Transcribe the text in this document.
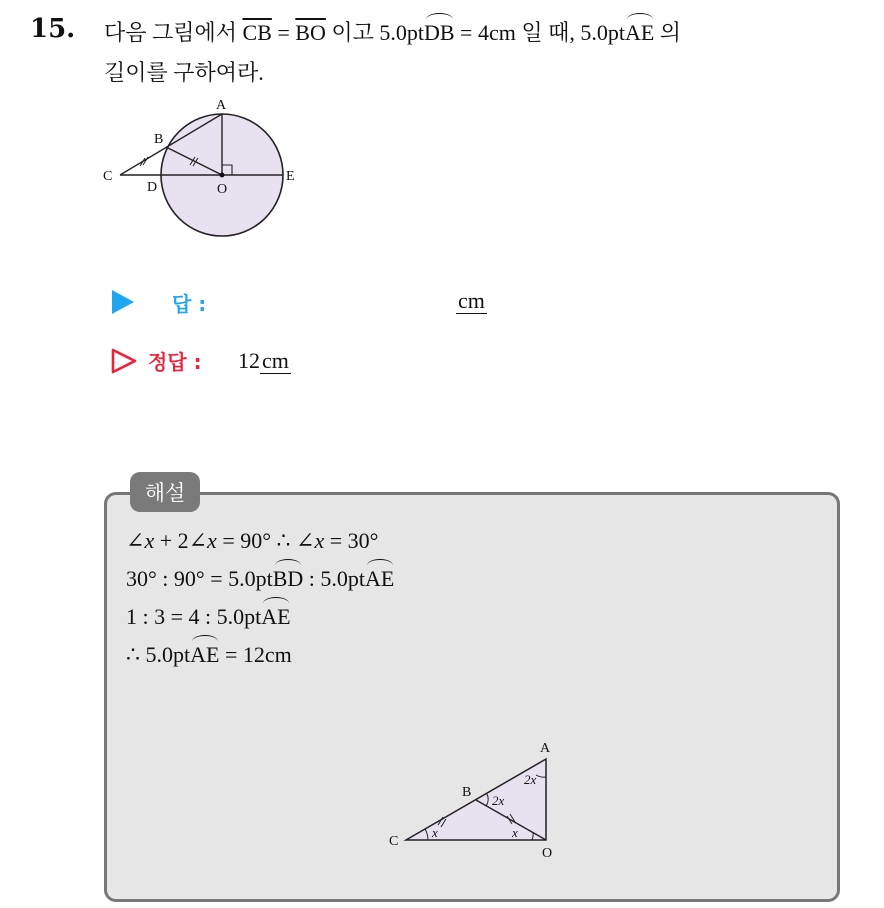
15. 다음 그림에서 $\overline{CB} = \overline{BO}$ 이고 5.0ptDB = 4cm 일 때, 5.0ptAE 의
길이를 구하여라.
A
B
C
D	O
E
답 :	cm
정답 : 12cm
해설
∠x + 2∠x = 90° ∴ ∠x = 30°
30° : 90° = 5.0ptBD : 5.0ptAE
1 : 3 = 4 : 5.0ptAE
∴ 5.0ptAE = 12cm
A
B
C
O
2x
2x
x	x
